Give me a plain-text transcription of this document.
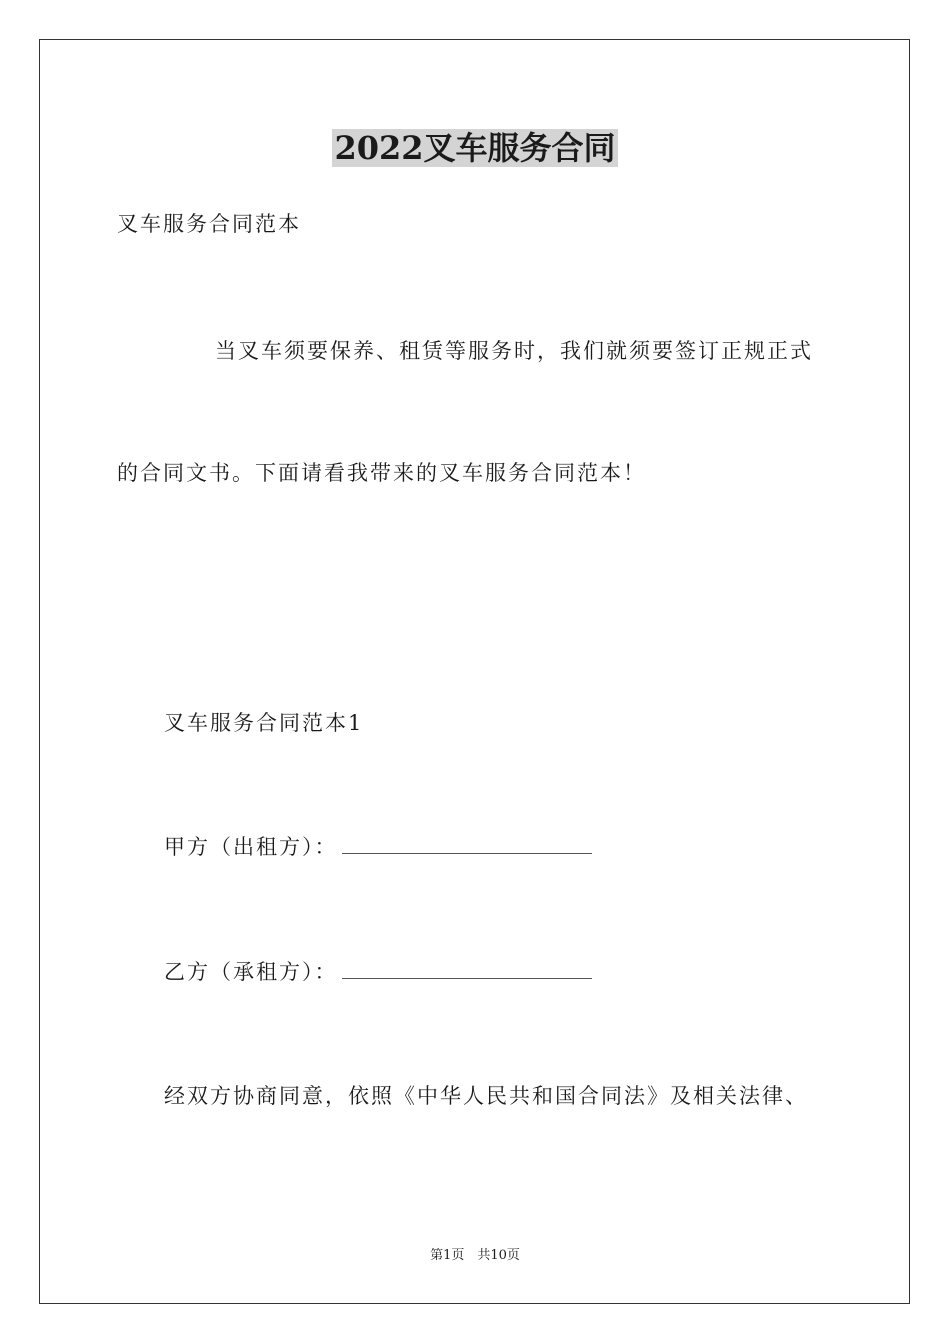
2022叉车服务合同
叉车服务合同范本
当叉车须要保养、租赁等服务时，我们就须要签订正规正式
的合同文书。下面请看我带来的叉车服务合同范本！
叉车服务合同范本1
甲方（出租方）：
乙方（承租方）：
经双方协商同意，依照《中华人民共和国合同法》及相关法律、
第1页　共10页
